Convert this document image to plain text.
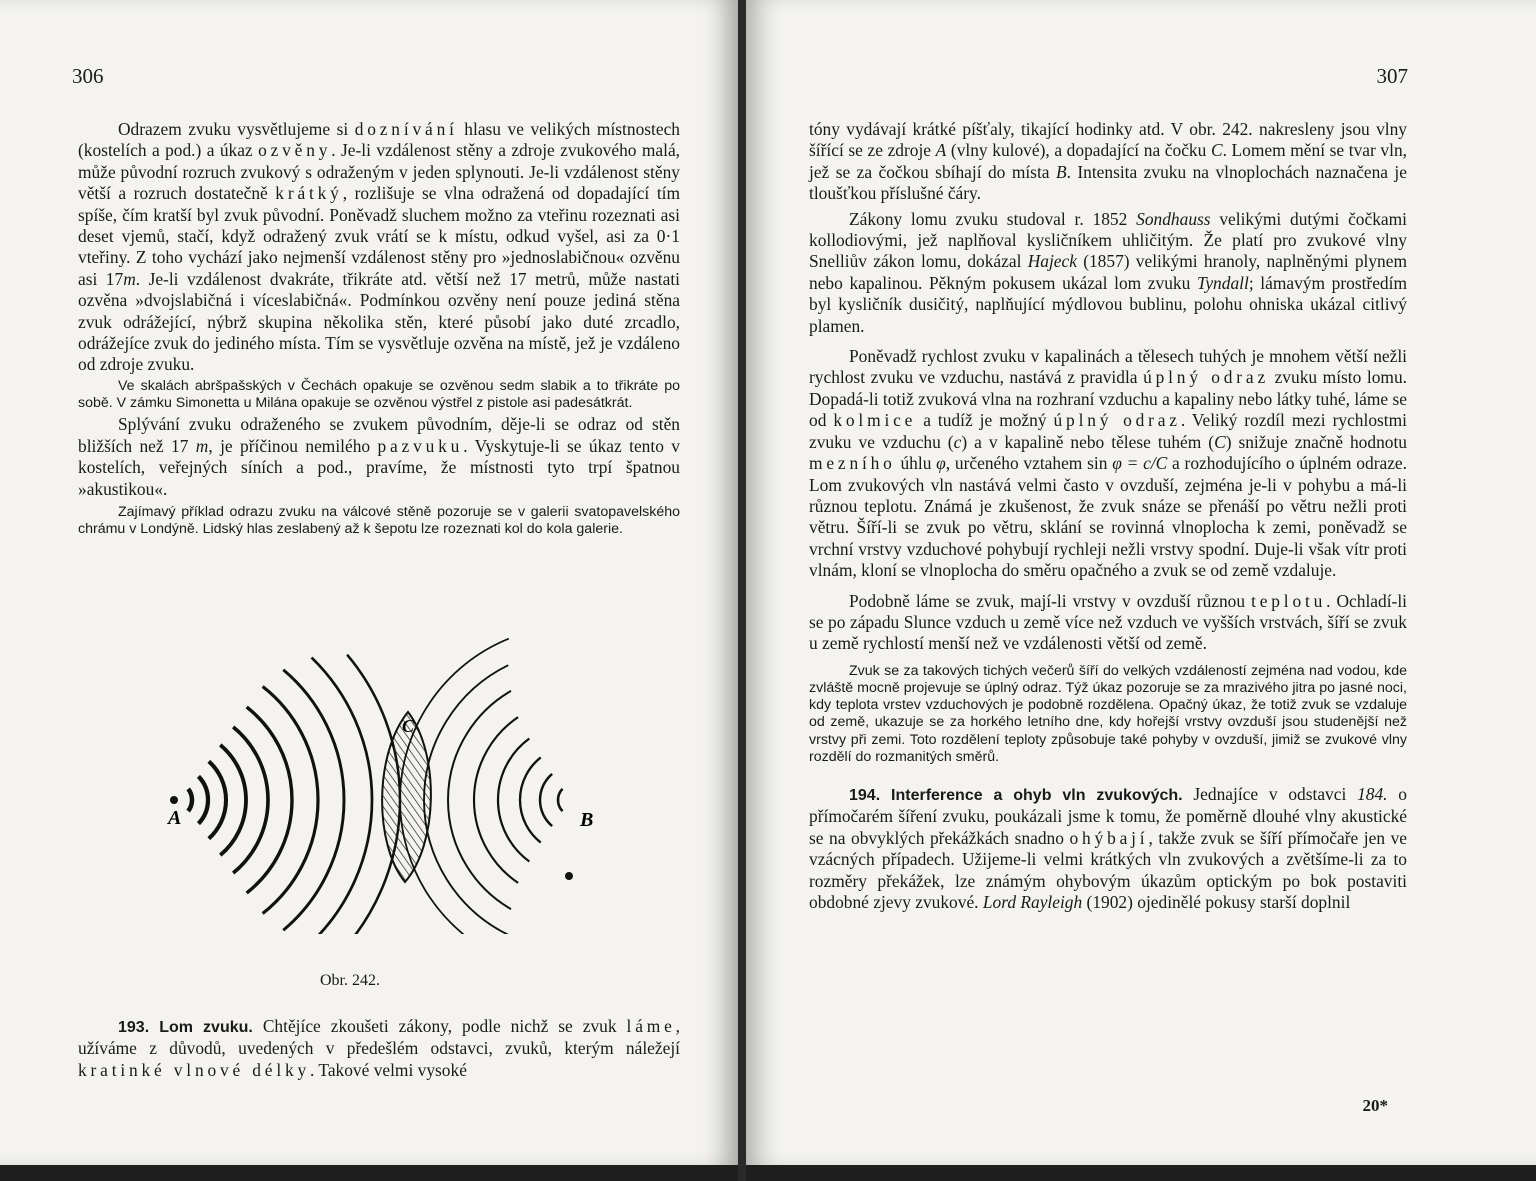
306

Odrazem zvuku vysvětlujeme si doznívání hlasu ve velikých místnostech (kostelích a pod.) a úkaz ozvěny. Je-li vzdálenost stěny a zdroje zvukového malá, může původní rozruch zvukový s odraženým v jeden splynouti. Je-li vzdálenost stěny větší a rozruch dostatečně krátký, rozlišuje se vlna odražená od dopadající tím spíše, čím kratší byl zvuk původní. Poněvadž sluchem možno za vteřinu rozeznati asi deset vjemů, stačí, když odražený zvuk vrátí se k místu, odkud vyšel, asi za 0·1 vteřiny. Z toho vychází jako nejmenší vzdálenost stěny pro »jednoslabičnou« ozvěnu asi 17m. Je-li vzdálenost dvakráte, třikráte atd. větší než 17 metrů, může nastati ozvěna »dvojslabičná i víceslabičná«. Podmínkou ozvěny není pouze jediná stěna zvuk odrážející, nýbrž skupina několika stěn, které působí jako duté zrcadlo, odrážejíce zvuk do jediného místa. Tím se vysvětluje ozvěna na místě, jež je vzdáleno od zdroje zvuku.

Ve skalách abršpašských v Čechách opakuje se ozvěnou sedm slabik a to třikráte po sobě. V zámku Simonetta u Milána opakuje se ozvěnou výstřel z pistole asi padesátkrát.

Splývání zvuku odraženého se zvukem původním, děje-li se odraz od stěn bližších než 17 m, je příčinou nemilého pazvuku. Vyskytuje-li se úkaz tento v kostelích, veřejných síních a pod., pravíme, že místnosti tyto trpí špatnou »akustikou«.

Zajímavý příklad odrazu zvuku na válcové stěně pozoruje se v galerii svatopavelského chrámu v Londýně. Lidský hlas zeslabený až k šepotu lze rozeznati kol do kola galerie.

A	B
C
Obr. 242.

193. Lom zvuku. Chtějíce zkoušeti zákony, podle nichž se zvuk láme, užíváme z důvodů, uvedených v předešlém odstavci, zvuků, kterým náležejí kratinké vlnové délky. Takové velmi vysoké

307

tóny vydávají krátké píšťaly, tikající hodinky atd. V obr. 242. nakresleny jsou vlny šířící se ze zdroje A (vlny kulové), a dopadající na čočku C. Lomem mění se tvar vln, jež se za čočkou sbíhají do místa B. Intensita zvuku na vlnoplochách naznačena je tloušťkou příslušné čáry.

Zákony lomu zvuku studoval r. 1852 Sondhauss velikými dutými čočkami kollodiovými, jež naplňoval kysličníkem uhličitým. Že platí pro zvukové vlny Snelliův zákon lomu, dokázal Hajeck (1857) velikými hranoly, naplněnými plynem nebo kapalinou. Pěkným pokusem ukázal lom zvuku Tyndall; lámavým prostředím byl kysličník dusičitý, naplňující mýdlovou bublinu, polohu ohniska ukázal citlivý plamen.

Poněvadž rychlost zvuku v kapalinách a tělesech tuhých je mnohem větší nežli rychlost zvuku ve vzduchu, nastává z pravidla úplný odraz zvuku místo lomu. Dopadá-li totiž zvuková vlna na rozhraní vzduchu a kapaliny nebo látky tuhé, láme se od kolmice a tudíž je možný úplný odraz. Veliký rozdíl mezi rychlostmi zvuku ve vzduchu (c) a v kapalině nebo tělese tuhém (C) snižuje značně hodnotu mezního úhlu φ, určeného vztahem sin φ = c/C a rozhodujícího o úplném odraze. Lom zvukových vln nastává velmi často v ovzduší, zejména je-li v pohybu a má-li různou teplotu. Známá je zkušenost, že zvuk snáze se přenáší po větru nežli proti větru. Šíří-li se zvuk po větru, sklání se rovinná vlnoplocha k zemi, poněvadž se vrchní vrstvy vzduchové pohybují rychleji nežli vrstvy spodní. Duje-li však vítr proti vlnám, kloní se vlnoplocha do směru opačného a zvuk se od země vzdaluje.

Podobně láme se zvuk, mají-li vrstvy v ovzduší různou teplotu. Ochladí-li se po západu Slunce vzduch u země více než vzduch ve vyšších vrstvách, šíří se zvuk u země rychlostí menší než ve vzdálenosti větší od země.

Zvuk se za takových tichých večerů šíří do velkých vzdáleností zejména nad vodou, kde zvláště mocně projevuje se úplný odraz. Týž úkaz pozoruje se za mrazivého jitra po jasné noci, kdy teplota vrstev vzduchových je podobně rozdělena. Opačný úkaz, že totiž zvuk se vzdaluje od země, ukazuje se za horkého letního dne, kdy hořejší vrstvy ovzduší jsou studenější než vrstvy při zemi. Toto rozdělení teploty způsobuje také pohyby v ovzduší, jimiž se zvukové vlny rozdělí do rozmanitých směrů.

194. Interference a ohyb vln zvukových. Jednajíce v odstavci 184. o přímočarém šíření zvuku, poukázali jsme k tomu, že poměrně dlouhé vlny akustické se na obvyklých překážkách snadno ohýbají, takže zvuk se šíří přímočaře jen ve vzácných případech. Užijeme-li velmi krátkých vln zvukových a zvětšíme-li za to rozměry překážek, lze známým ohybovým úkazům optickým po bok postaviti obdobné zjevy zvukové. Lord Rayleigh (1902) ojedinělé pokusy starší doplnil

20*
